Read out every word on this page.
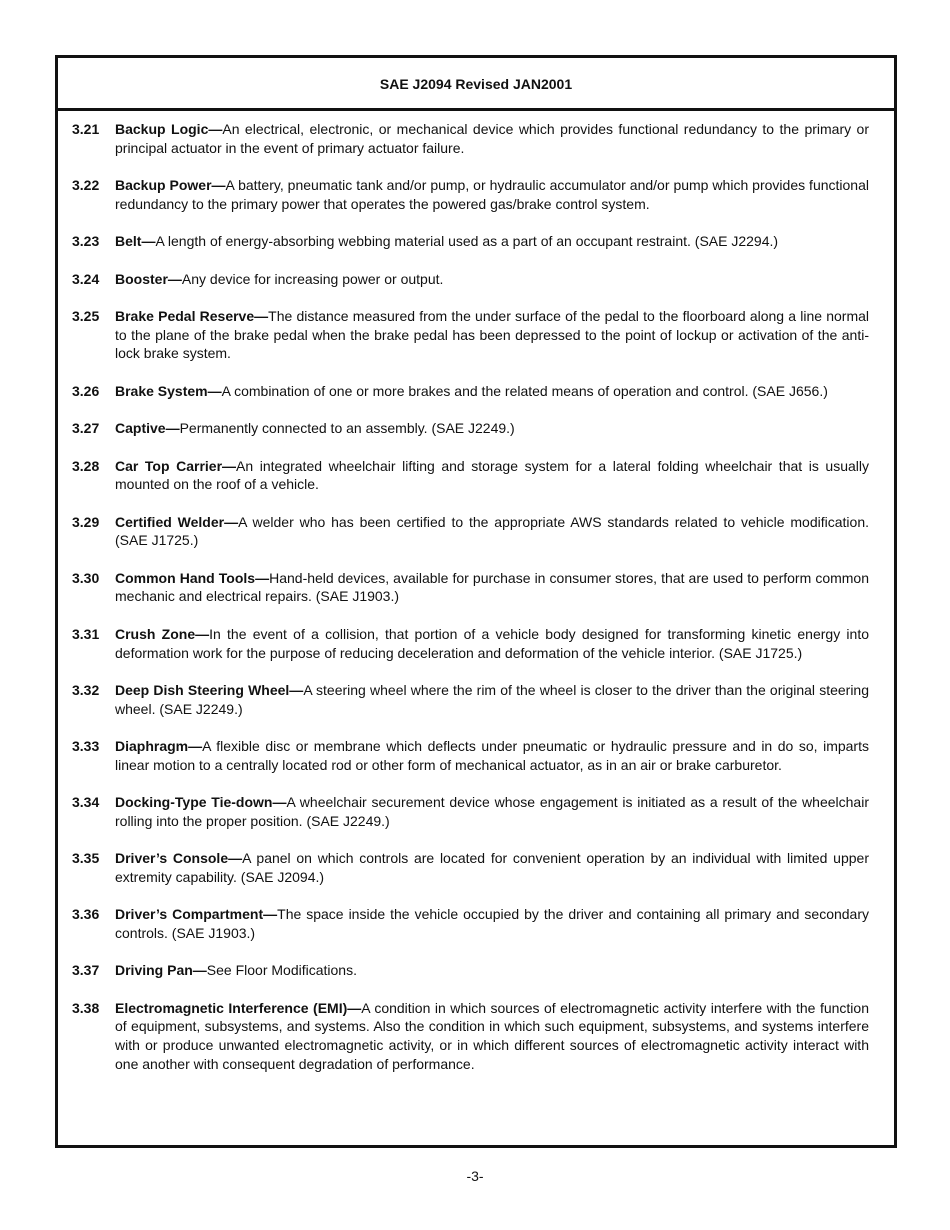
SAE J2094 Revised JAN2001
3.21	Backup Logic—An electrical, electronic, or mechanical device which provides functional redundancy to the primary or principal actuator in the event of primary actuator failure.
3.22	Backup Power—A battery, pneumatic tank and/or pump, or hydraulic accumulator and/or pump which provides functional redundancy to the primary power that operates the powered gas/brake control system.
3.23	Belt—A length of energy-absorbing webbing material used as a part of an occupant restraint. (SAE J2294.)
3.24	Booster—Any device for increasing power or output.
3.25	Brake Pedal Reserve—The distance measured from the under surface of the pedal to the floorboard along a line normal to the plane of the brake pedal when the brake pedal has been depressed to the point of lockup or activation of the anti-lock brake system.
3.26	Brake System—A combination of one or more brakes and the related means of operation and control. (SAE J656.)
3.27	Captive—Permanently connected to an assembly. (SAE J2249.)
3.28	Car Top Carrier—An integrated wheelchair lifting and storage system for a lateral folding wheelchair that is usually mounted on the roof of a vehicle.
3.29	Certified Welder—A welder who has been certified to the appropriate AWS standards related to vehicle modification. (SAE J1725.)
3.30	Common Hand Tools—Hand-held devices, available for purchase in consumer stores, that are used to perform common mechanic and electrical repairs. (SAE J1903.)
3.31	Crush Zone—In the event of a collision, that portion of a vehicle body designed for transforming kinetic energy into deformation work for the purpose of reducing deceleration and deformation of the vehicle interior. (SAE J1725.)
3.32	Deep Dish Steering Wheel—A steering wheel where the rim of the wheel is closer to the driver than the original steering wheel. (SAE J2249.)
3.33	Diaphragm—A flexible disc or membrane which deflects under pneumatic or hydraulic pressure and in do so, imparts linear motion to a centrally located rod or other form of mechanical actuator, as in an air or brake carburetor.
3.34	Docking-Type Tie-down—A wheelchair securement device whose engagement is initiated as a result of the wheelchair rolling into the proper position. (SAE J2249.)
3.35	Driver’s Console—A panel on which controls are located for convenient operation by an individual with limited upper extremity capability. (SAE J2094.)
3.36	Driver’s Compartment—The space inside the vehicle occupied by the driver and containing all primary and secondary controls. (SAE J1903.)
3.37	Driving Pan—See Floor Modifications.
3.38	Electromagnetic Interference (EMI)—A condition in which sources of electromagnetic activity interfere with the function of equipment, subsystems, and systems. Also the condition in which such equipment, subsystems, and systems interfere with or produce unwanted electromagnetic activity, or in which different sources of electromagnetic activity interact with one another with consequent degradation of performance.
-3-
